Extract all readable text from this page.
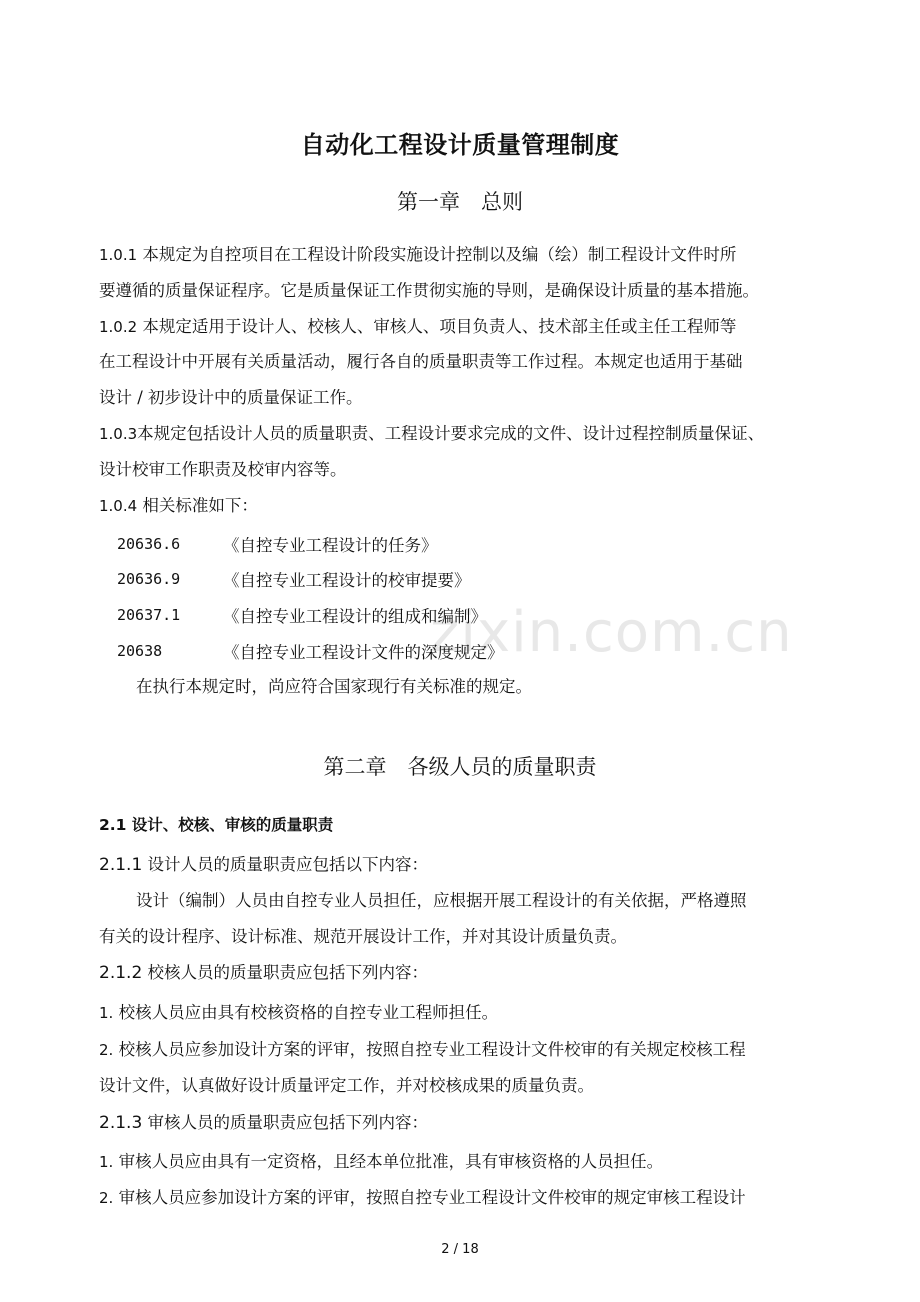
zixin.com.cn
自动化工程设计质量管理制度
第一章　总则
1.0.1 本规定为自控项目在工程设计阶段实施设计控制以及编（绘）制工程设计文件时所
要遵循的质量保证程序。它是质量保证工作贯彻实施的导则，是确保设计质量的基本措施。
1.0.2 本规定适用于设计人、校核人、审核人、项目负责人、技术部主任或主任工程师等
在工程设计中开展有关质量活动，履行各自的质量职责等工作过程。本规定也适用于基础
设计 / 初步设计中的质量保证工作。
1.0.3本规定包括设计人员的质量职责、工程设计要求完成的文件、设计过程控制质量保证、
设计校审工作职责及校审内容等。
1.0.4 相关标准如下：
20636.6	《自控专业工程设计的任务》
20636.9	《自控专业工程设计的校审提要》
20637.1	《自控专业工程设计的组成和编制》
20638	《自控专业工程设计文件的深度规定》
在执行本规定时，尚应符合国家现行有关标准的规定。
第二章　各级人员的质量职责
2.1 设计、校核、审核的质量职责
2.1.1 设计人员的质量职责应包括以下内容：
设计（编制）人员由自控专业人员担任，应根据开展工程设计的有关依据，严格遵照
有关的设计程序、设计标准、规范开展设计工作，并对其设计质量负责。
2.1.2 校核人员的质量职责应包括下列内容：
1. 校核人员应由具有校核资格的自控专业工程师担任。
2. 校核人员应参加设计方案的评审，按照自控专业工程设计文件校审的有关规定校核工程
设计文件，认真做好设计质量评定工作，并对校核成果的质量负责。
2.1.3 审核人员的质量职责应包括下列内容：
1. 审核人员应由具有一定资格，且经本单位批准，具有审核资格的人员担任。
2. 审核人员应参加设计方案的评审，按照自控专业工程设计文件校审的规定审核工程设计
2 / 18
